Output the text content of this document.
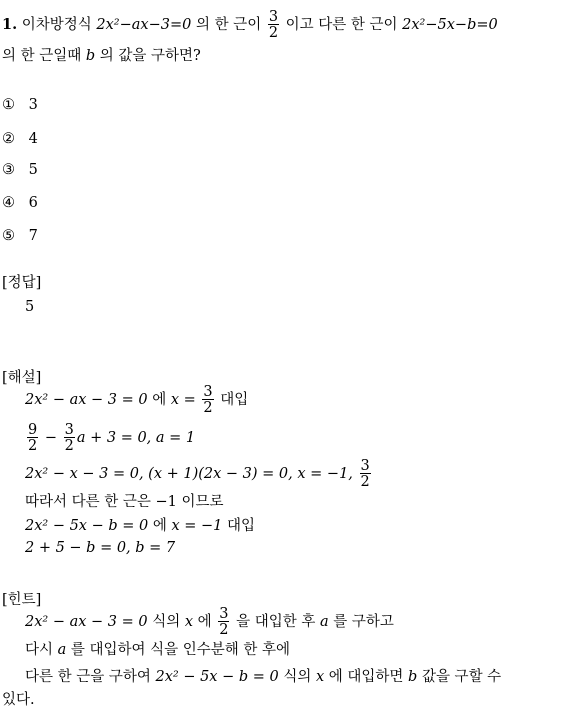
1. 이차방정식 2x²−ax−3=0 의 한 근이 $\frac{3}{2}$ 이고 다른 한 근이 2x²−5x−b=0
의 한 근일때 b 의 값을 구하면?
① 3
② 4
③ 5
④ 6
⑤ 7
[정답]
5
[해설]
2x² − ax − 3 = 0 에 $x = \frac{3}{2}$ 대입
$\frac{9}{2} - \frac{3}{2}$ a + 3 = 0, a = 1
2x² − x − 3 = 0, (x + 1)(2x − 3) = 0, x = −1, $\frac{3}{2}$
따라서 다른 한 근은 −1 이므로
2x² − 5x − b = 0 에 x = −1 대입
2 + 5 − b = 0, b = 7
[힌트]
2x² − ax − 3 = 0 식의 x 에 $\frac{3}{2}$ 을 대입한 후 a 를 구하고
다시 a 를 대입하여 식을 인수분해 한 후에
다른 한 근을 구하여 2x² − 5x − b = 0 식의 x 에 대입하면 b 값을 구할 수
있다.
